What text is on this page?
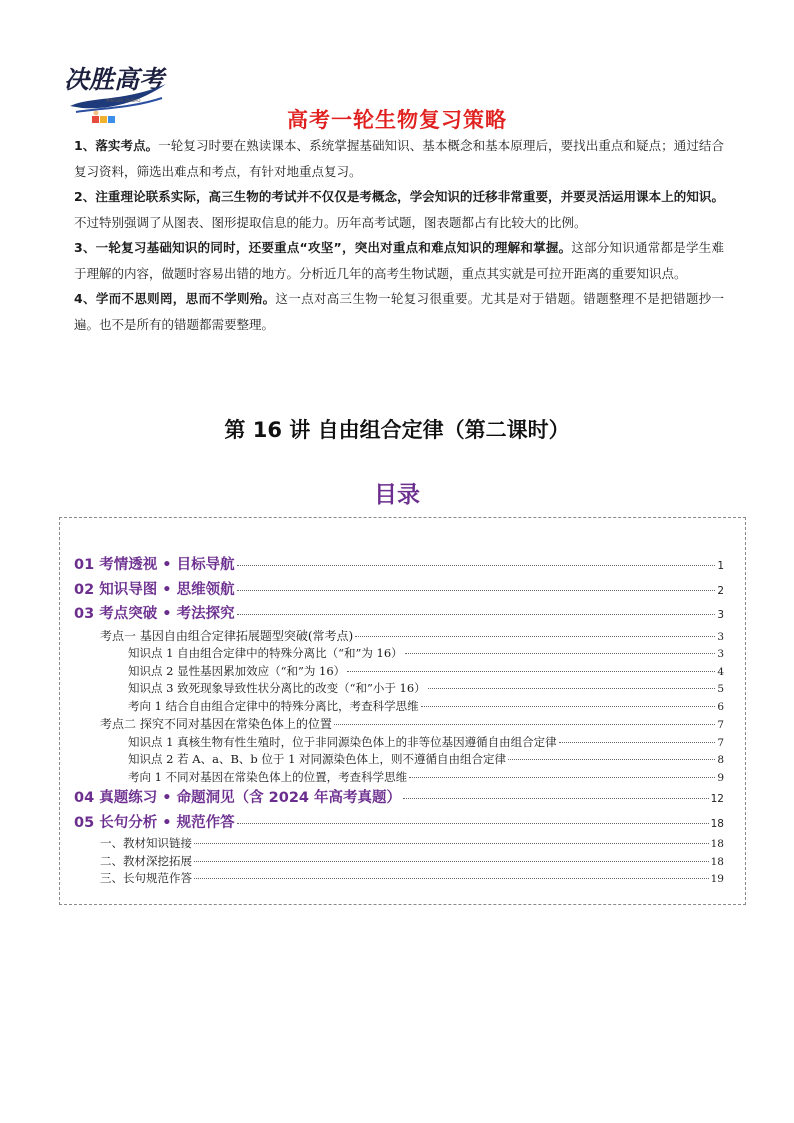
决胜高考
MINGSHI ZHIDAO
高考一轮生物复习策略

1、落实考点。一轮复习时要在熟读课本、系统掌握基础知识、基本概念和基本原理后，要找出重点和疑点；通过结合复习资料，筛选出难点和考点，有针对地重点复习。

2、注重理论联系实际，高三生物的考试并不仅仅是考概念，学会知识的迁移非常重要，并要灵活运用课本上的知识。不过特别强调了从图表、图形提取信息的能力。历年高考试题，图表题都占有比较大的比例。

3、一轮复习基础知识的同时，还要重点“攻坚”，突出对重点和难点知识的理解和掌握。这部分知识通常都是学生难于理解的内容，做题时容易出错的地方。分析近几年的高考生物试题，重点其实就是可拉开距离的重要知识点。

4、学而不思则罔，思而不学则殆。这一点对高三生物一轮复习很重要。尤其是对于错题。错题整理不是把错题抄一遍。也不是所有的错题都需要整理。

第 16 讲 自由组合定律（第二课时）
目录
01 考情透视 • 目标导航	1
02 知识导图 • 思维领航	2
03 考点突破 • 考法探究	3
考点一 基因自由组合定律拓展题型突破(常考点)	3
知识点 1 自由组合定律中的特殊分离比（“和”为 16）	3
知识点 2 显性基因累加效应（“和”为 16）	4
知识点 3 致死现象导致性状分离比的改变（“和”小于 16）	5
考向 1 结合自由组合定律中的特殊分离比，考查科学思维	6
考点二 探究不同对基因在常染色体上的位置	7
知识点 1 真核生物有性生殖时，位于非同源染色体上的非等位基因遵循自由组合定律	7
知识点 2 若 A、a、B、b 位于 1 对同源染色体上，则不遵循自由组合定律	8
考向 1 不同对基因在常染色体上的位置，考查科学思维	9
04 真题练习 • 命题洞见（含 2024 年高考真题）	12
05 长句分析 • 规范作答	18
一、教材知识链接	18
二、教材深挖拓展	18
三、长句规范作答	19
